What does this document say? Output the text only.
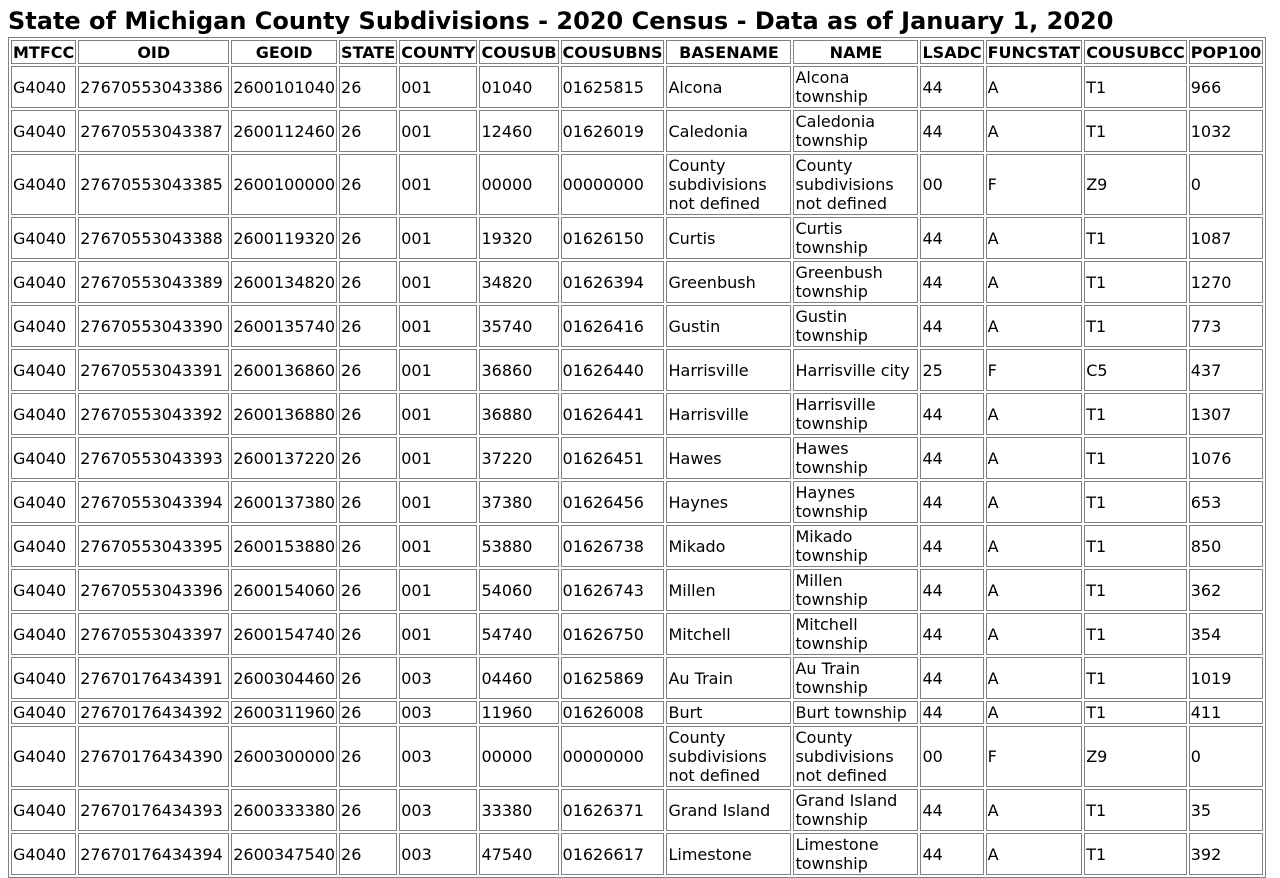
State of Michigan County Subdivisions - 2020 Census - Data as of January 1, 2020
MTFCC	OID	GEOID	STATE	COUNTY	COUSUB	COUSUBNS	BASENAME	NAME	LSADC	FUNCSTAT	COUSUBCC	POP100
G4040	27670553043386	2600101040	26	001	01040	01625815	Alcona	Alcona township	44	A	T1	966
G4040	27670553043387	2600112460	26	001	12460	01626019	Caledonia	Caledonia township	44	A	T1	1032
G4040	27670553043385	2600100000	26	001	00000	00000000	County subdivisions not defined	County subdivisions not defined	00	F	Z9	0
G4040	27670553043388	2600119320	26	001	19320	01626150	Curtis	Curtis township	44	A	T1	1087
G4040	27670553043389	2600134820	26	001	34820	01626394	Greenbush	Greenbush township	44	A	T1	1270
G4040	27670553043390	2600135740	26	001	35740	01626416	Gustin	Gustin township	44	A	T1	773
G4040	27670553043391	2600136860	26	001	36860	01626440	Harrisville	Harrisville city	25	F	C5	437
G4040	27670553043392	2600136880	26	001	36880	01626441	Harrisville	Harrisville township	44	A	T1	1307
G4040	27670553043393	2600137220	26	001	37220	01626451	Hawes	Hawes township	44	A	T1	1076
G4040	27670553043394	2600137380	26	001	37380	01626456	Haynes	Haynes township	44	A	T1	653
G4040	27670553043395	2600153880	26	001	53880	01626738	Mikado	Mikado township	44	A	T1	850
G4040	27670553043396	2600154060	26	001	54060	01626743	Millen	Millen township	44	A	T1	362
G4040	27670553043397	2600154740	26	001	54740	01626750	Mitchell	Mitchell township	44	A	T1	354
G4040	27670176434391	2600304460	26	003	04460	01625869	Au Train	Au Train township	44	A	T1	1019
G4040	27670176434392	2600311960	26	003	11960	01626008	Burt	Burt township	44	A	T1	411
G4040	27670176434390	2600300000	26	003	00000	00000000	County subdivisions not defined	County subdivisions not defined	00	F	Z9	0
G4040	27670176434393	2600333380	26	003	33380	01626371	Grand Island	Grand Island township	44	A	T1	35
G4040	27670176434394	2600347540	26	003	47540	01626617	Limestone	Limestone township	44	A	T1	392
